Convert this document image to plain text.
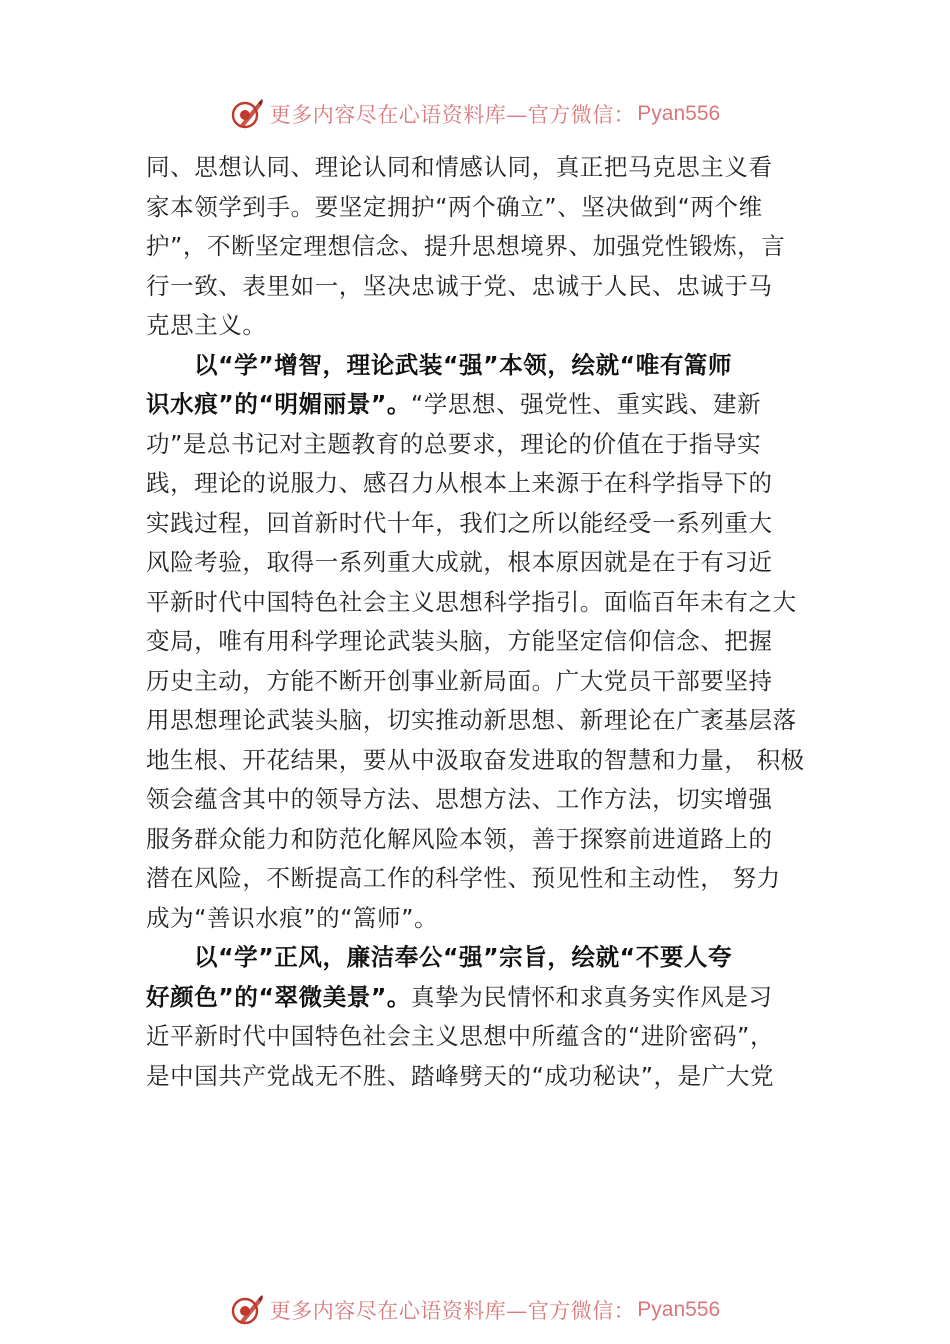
更多内容尽在心语资料库—官方微信： Pyan556
同、思想认同、理论认同和情感认同，真正把马克思主义看
家本领学到手。要坚定拥护“两个确立”、坚决做到“两个维
护”，不断坚定理想信念、提升思想境界、加强党性锻炼，言
行一致、表里如一，坚决忠诚于党、忠诚于人民、忠诚于马
克思主义。
以“学”增智，理论武装“强”本领，绘就“唯有篙师
识水痕”的“明媚丽景”。“学思想、强党性、重实践、建新
功”是总书记对主题教育的总要求，理论的价值在于指导实
践，理论的说服力、感召力从根本上来源于在科学指导下的
实践过程，回首新时代十年，我们之所以能经受一系列重大
风险考验，取得一系列重大成就，根本原因就是在于有习近
平新时代中国特色社会主义思想科学指引。面临百年未有之大
变局，唯有用科学理论武装头脑，方能坚定信仰信念、把握
历史主动，方能不断开创事业新局面。广大党员干部要坚持
用思想理论武装头脑，切实推动新思想、新理论在广袤基层落
地生根、开花结果，要从中汲取奋发进取的智慧和力量， 积极
领会蕴含其中的领导方法、思想方法、工作方法，切实增强
服务群众能力和防范化解风险本领，善于探察前进道路上的
潜在风险，不断提高工作的科学性、预见性和主动性， 努力
成为“善识水痕”的“篙师”。
以“学”正风，廉洁奉公“强”宗旨，绘就“不要人夸
好颜色”的“翠微美景”。真挚为民情怀和求真务实作风是习
近平新时代中国特色社会主义思想中所蕴含的“进阶密码”，
是中国共产党战无不胜、踏峰劈天的“成功秘诀”，是广大党
更多内容尽在心语资料库—官方微信： Pyan556
